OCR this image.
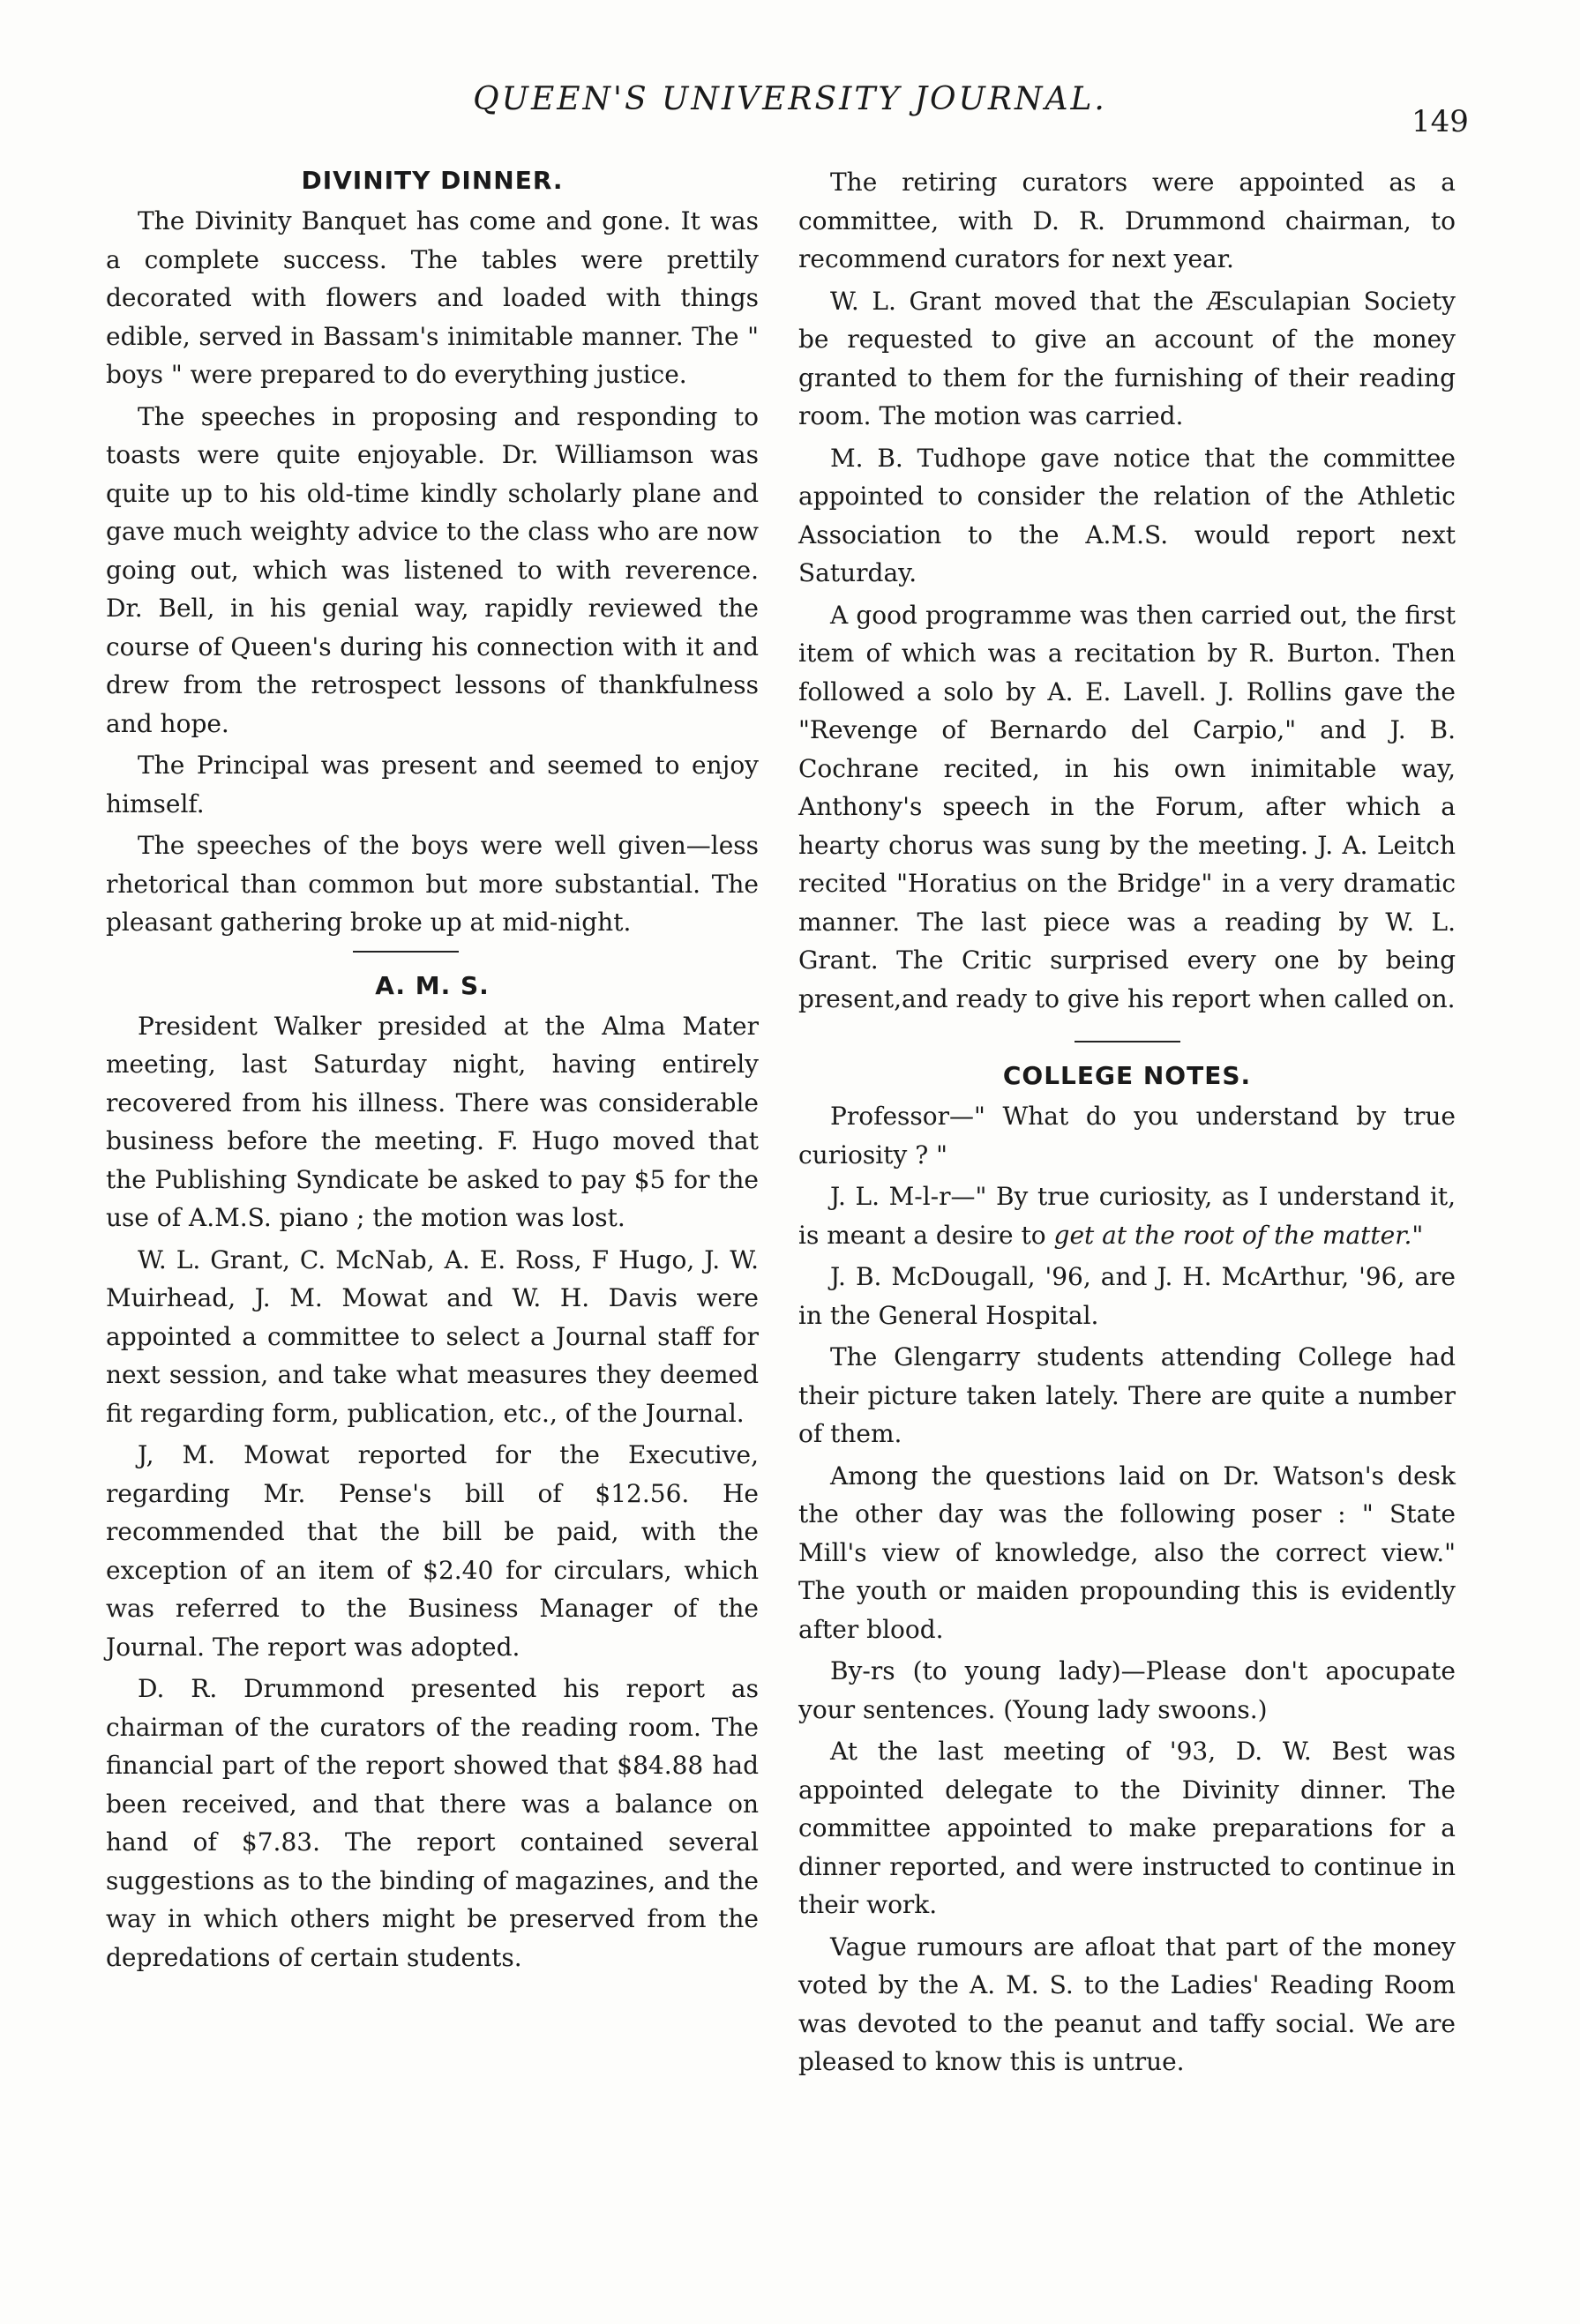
QUEEN'S UNIVERSITY JOURNAL.
149
DIVINITY DINNER.

The Divinity Banquet has come and gone. It was a complete success. The tables were prettily decorated with flowers and loaded with things edible, served in Bassam's inimitable manner. The " boys " were prepared to do everything justice.

The speeches in proposing and responding to toasts were quite enjoyable. Dr. Williamson was quite up to his old-time kindly scholarly plane and gave much weighty advice to the class who are now going out, which was listened to with reverence. Dr. Bell, in his genial way, rapidly reviewed the course of Queen's during his connection with it and drew from the retrospect lessons of thankfulness and hope.

The Principal was present and seemed to enjoy himself.

The speeches of the boys were well given—less rhetorical than common but more substantial. The pleasant gathering broke up at mid-night.

A. M. S.

President Walker presided at the Alma Mater meeting, last Saturday night, having entirely recovered from his illness. There was considerable business before the meeting. F. Hugo moved that the Publishing Syndicate be asked to pay $5 for the use of A.M.S. piano ; the motion was lost.

W. L. Grant, C. McNab, A. E. Ross, F Hugo, J. W. Muirhead, J. M. Mowat and W. H. Davis were appointed a committee to select a Journal staff for next session, and take what measures they deemed fit regarding form, publication, etc., of the Journal.

J, M. Mowat reported for the Executive, regarding Mr. Pense's bill of $12.56. He recommended that the bill be paid, with the exception of an item of $2.40 for circulars, which was referred to the Business Manager of the Journal. The report was adopted.

D. R. Drummond presented his report as chairman of the curators of the reading room. The financial part of the report showed that $84.88 had been received, and that there was a balance on hand of $7.83. The report contained several suggestions as to the binding of magazines, and the way in which others might be preserved from the depredations of certain students.

The retiring curators were appointed as a committee, with D. R. Drummond chairman, to recommend curators for next year.

W. L. Grant moved that the Æsculapian Society be requested to give an account of the money granted to them for the furnishing of their reading room. The motion was carried.

M. B. Tudhope gave notice that the committee appointed to consider the relation of the Athletic Association to the A.M.S. would report next Saturday.

A good programme was then carried out, the first item of which was a recitation by R. Burton. Then followed a solo by A. E. Lavell. J. Rollins gave the "Revenge of Bernardo del Carpio," and J. B. Cochrane recited, in his own inimitable way, Anthony's speech in the Forum, after which a hearty chorus was sung by the meeting. J. A. Leitch recited "Horatius on the Bridge" in a very dramatic manner. The last piece was a reading by W. L. Grant. The Critic surprised every one by being present,and ready to give his report when called on.

COLLEGE NOTES.

Professor—" What do you understand by true curiosity ? "

J. L. M-l-r—" By true curiosity, as I understand it, is meant a desire to get at the root of the matter."

J. B. McDougall, '96, and J. H. McArthur, '96, are in the General Hospital.

The Glengarry students attending College had their picture taken lately. There are quite a number of them.

Among the questions laid on Dr. Watson's desk the other day was the following poser : " State Mill's view of knowledge, also the correct view." The youth or maiden propounding this is evidently after blood.

By-rs (to young lady)—Please don't apocupate your sentences. (Young lady swoons.)

At the last meeting of '93, D. W. Best was appointed delegate to the Divinity dinner. The committee appointed to make preparations for a dinner reported, and were instructed to continue in their work.

Vague rumours are afloat that part of the money voted by the A. M. S. to the Ladies' Reading Room was devoted to the peanut and taffy social. We are pleased to know this is untrue.
